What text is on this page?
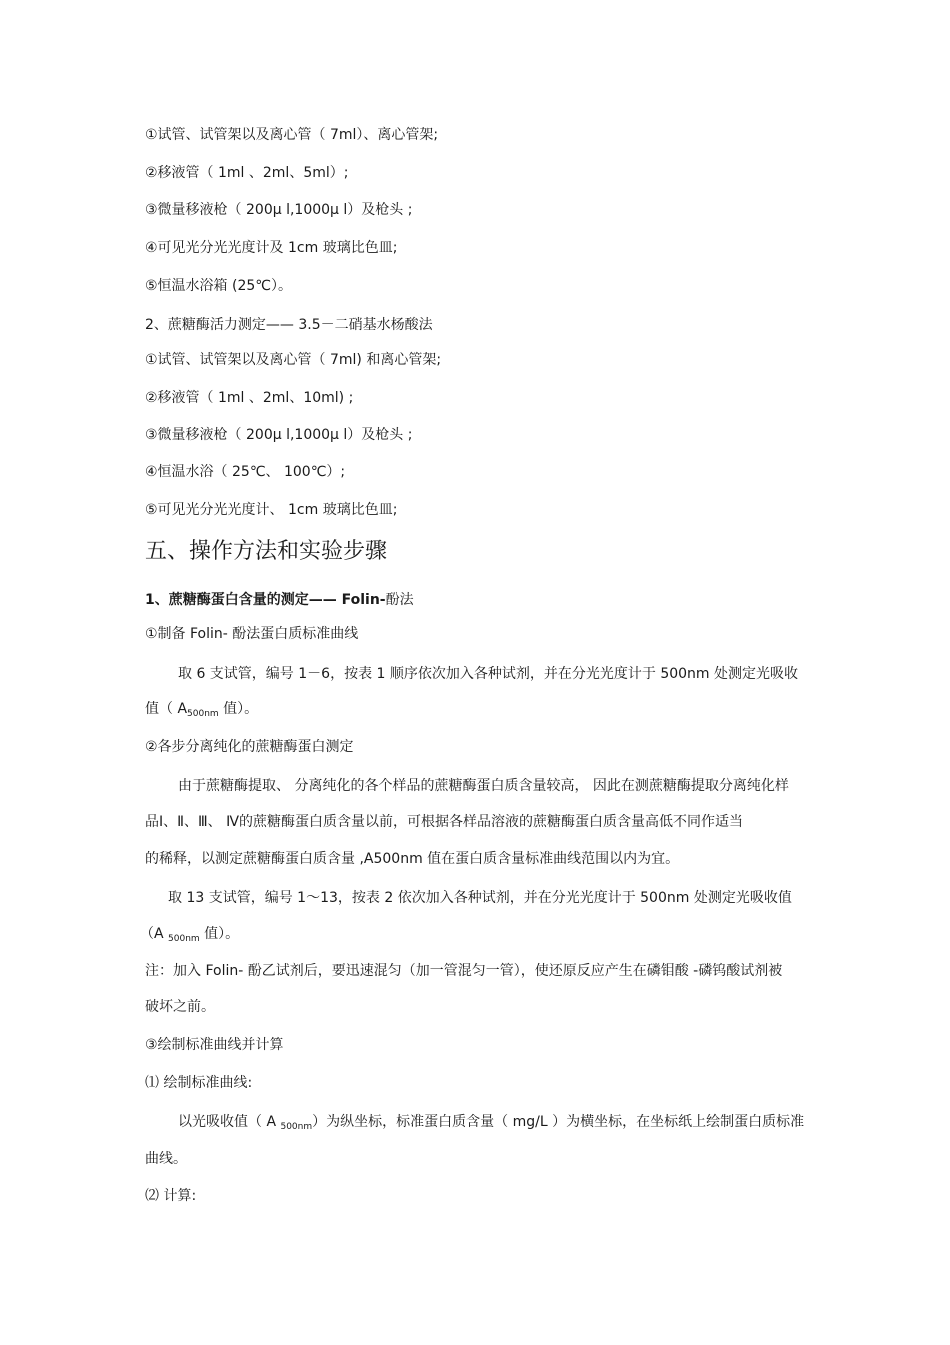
①试管、试管架以及离心管（ 7ml）、离心管架;

②移液管（ 1ml 、2ml、5ml）;

③微量移液枪（ 200μ l,1000μ l）及枪头 ;

④可见光分光光度计及 1cm 玻璃比色皿;

⑤恒温水浴箱 (25℃）。

2、蔗糖酶活力测定—— 3.5－二硝基水杨酸法

①试管、试管架以及离心管（ 7ml) 和离心管架;

②移液管（ 1ml 、2ml、10ml) ;

③微量移液枪（ 200μ l,1000μ l）及枪头 ;

④恒温水浴（ 25℃、 100℃）;

⑤可见光分光光度计、 1cm 玻璃比色皿;

五、操作方法和实验步骤

1、蔗糖酶蛋白含量的测定—— Folin-酚法

①制备 Folin- 酚法蛋白质标准曲线

取 6 支试管，编号 1－6，按表 1 顺序依次加入各种试剂，并在分光光度计于 500nm 处测定光吸收

值（ $A_{500nm}$ 值）。

②各步分离纯化的蔗糖酶蛋白测定

由于蔗糖酶提取、 分离纯化的各个样品的蔗糖酶蛋白质含量较高， 因此在测蔗糖酶提取分离纯化样

品Ⅰ、Ⅱ、Ⅲ、 Ⅳ的蔗糖酶蛋白质含量以前，可根据各样品溶液的蔗糖酶蛋白质含量高低不同作适当

的稀释，以测定蔗糖酶蛋白质含量 ,A500nm 值在蛋白质含量标准曲线范围以内为宜。

取 13 支试管，编号 1～13，按表 2 依次加入各种试剂，并在分光光度计于 500nm 处测定光吸收值

（A $_{500nm}$ 值）。

注：加入 Folin- 酚乙试剂后，要迅速混匀（加一管混匀一管），使还原反应产生在磷钼酸 -磷钨酸试剂被

破坏之前。

③绘制标准曲线并计算

⑴ 绘制标准曲线:

以光吸收值（ A $_{500nm}$）为纵坐标，标准蛋白质含量（ mg/L ）为横坐标，在坐标纸上绘制蛋白质标准

曲线。

⑵ 计算:
